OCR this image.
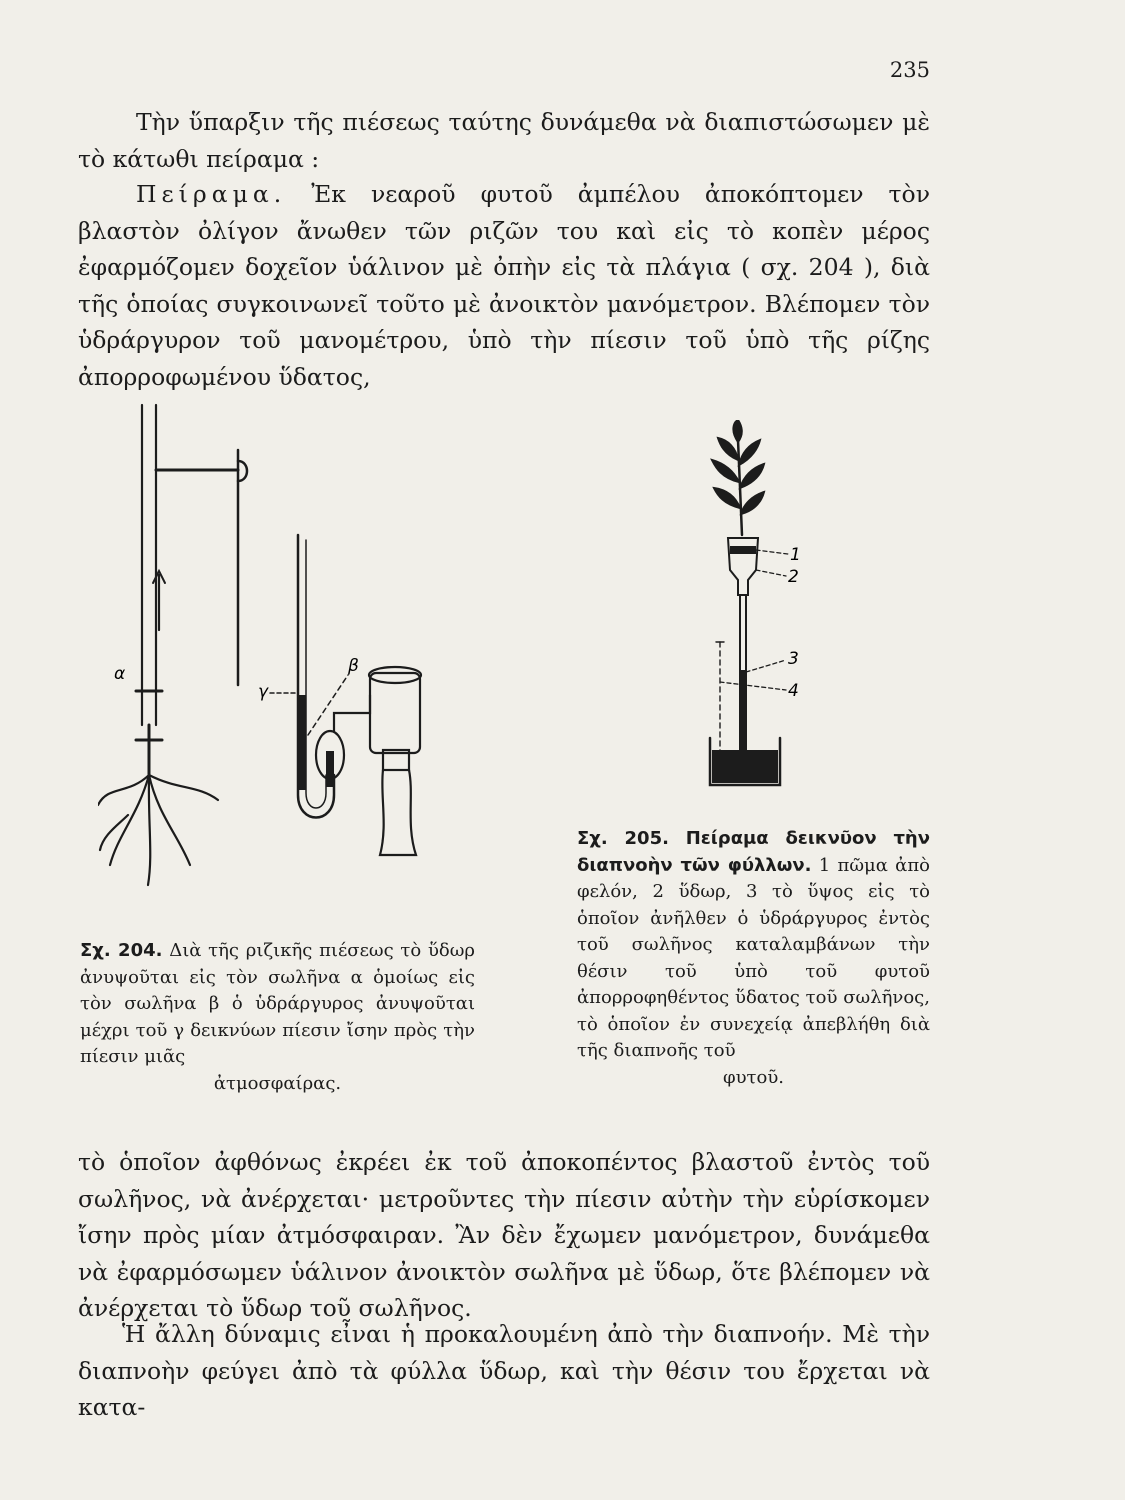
235

Τὴν ὕπαρξιν τῆς πιέσεως ταύτης δυνάμεθα νὰ διαπιστώσωμεν μὲ τὸ κάτωθι πείραμα :

Πείραμα. Ἐκ νεαροῦ φυτοῦ ἀμπέλου ἀποκόπτομεν τὸν βλαστὸν ὀλίγον ἄνωθεν τῶν ριζῶν του καὶ εἰς τὸ κοπὲν μέρος ἐφαρμόζομεν δοχεῖον ὑάλινον μὲ ὀπὴν εἰς τὰ πλάγια ( σχ. 204 ), διὰ τῆς ὁποίας συγκοινωνεῖ τοῦτο μὲ ἀνοικτὸν μανόμετρον. Βλέπομεν τὸν ὑδράργυρον τοῦ μανομέτρου, ὑπὸ τὴν πίεσιν τοῦ ὑπὸ τῆς ρίζης ἀπορροφωμένου ὕδατος,

α	β
γ
1
2
3
4

Σχ. 204. Διὰ τῆς ριζικῆς πιέσεως τὸ ὕδωρ ἀνυψοῦται εἰς τὸν σωλῆνα α ὁμοίως εἰς τὸν σωλῆνα β ὁ ὑδράργυρος ἀνυψοῦται μέχρι τοῦ γ δεικνύων πίεσιν ἴσην πρὸς τὴν πίεσιν μιᾶς
ἀτμοσφαίρας.

Σχ. 205. Πείραμα δεικνῦον τὴν διαπνοὴν τῶν φύλλων. 1 πῶμα ἀπὸ φελόν, 2 ὕδωρ, 3 τὸ ὕψος εἰς τὸ ὁποῖον ἀνῆλθεν ὁ ὑδράργυρος ἐντὸς τοῦ σωλῆνος καταλαμβάνων τὴν θέσιν τοῦ ὑπὸ τοῦ φυτοῦ ἀπορροφηθέντος ὕδατος τοῦ σωλῆνος, τὸ ὁποῖον ἐν συνεχείᾳ ἀπεβλήθη διὰ τῆς διαπνοῆς τοῦ
φυτοῦ.

τὸ ὁποῖον ἀφθόνως ἐκρέει ἐκ τοῦ ἀποκοπέντος βλαστοῦ ἐντὸς τοῦ σωλῆνος, νὰ ἀνέρχεται· μετροῦντες τὴν πίεσιν αὐτὴν τὴν εὑρίσκομεν ἴσην πρὸς μίαν ἀτμόσφαιραν. Ἂν δὲν ἔχωμεν μανόμετρον, δυνάμεθα νὰ ἐφαρμόσωμεν ὑάλινον ἀνοικτὸν σωλῆνα μὲ ὕδωρ, ὅτε βλέπομεν νὰ ἀνέρχεται τὸ ὕδωρ τοῦ σωλῆνος.

Ἡ ἄλλη δύναμις εἶναι ἡ προκαλουμένη ἀπὸ τὴν διαπνοήν. Μὲ τὴν διαπνοὴν φεύγει ἀπὸ τὰ φύλλα ὕδωρ, καὶ τὴν θέσιν του ἔρχεται νὰ κατα-
